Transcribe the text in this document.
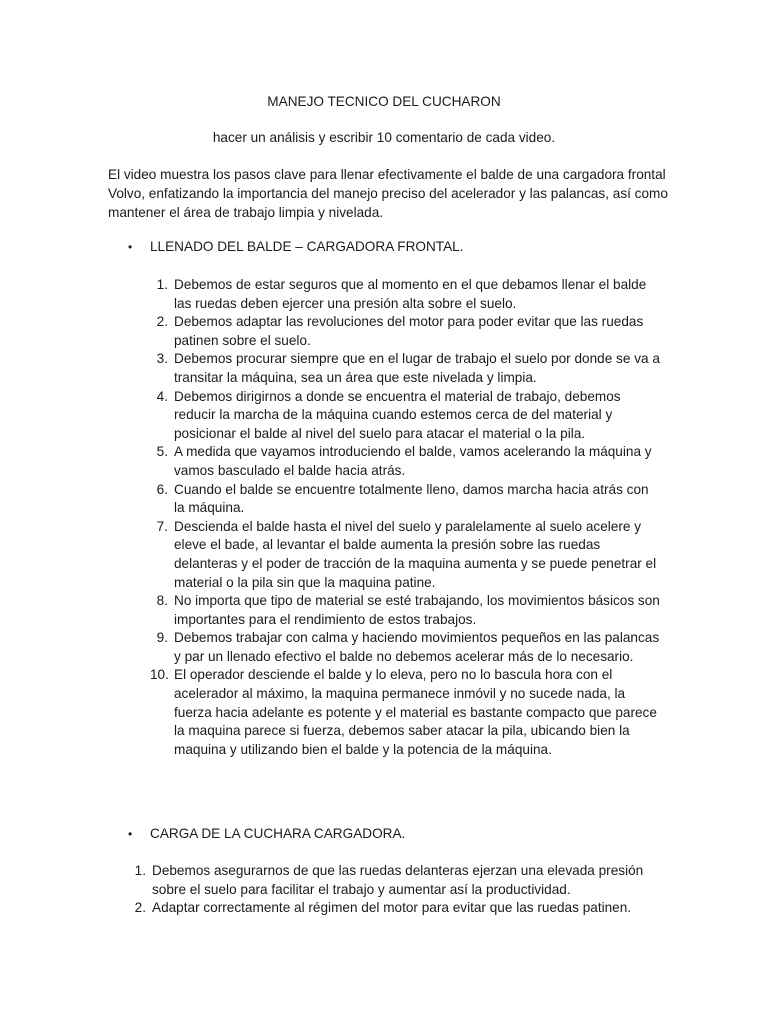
MANEJO TECNICO DEL CUCHARON
hacer un análisis y escribir 10 comentario de cada video.
El video muestra los pasos clave para llenar efectivamente el balde de una cargadora frontal Volvo, enfatizando la importancia del manejo preciso del acelerador y las palancas, así como mantener el área de trabajo limpia y nivelada.
•	LLENADO DEL BALDE – CARGADORA FRONTAL.
1. Debemos de estar seguros que al momento en el que debamos llenar el balde las ruedas deben ejercer una presión alta sobre el suelo.
2. Debemos adaptar las revoluciones del motor para poder evitar que las ruedas patinen sobre el suelo.
3. Debemos procurar siempre que en el lugar de trabajo el suelo por donde se va a transitar la máquina, sea un área que este nivelada y limpia.
4. Debemos dirigirnos a donde se encuentra el material de trabajo, debemos reducir la marcha de la máquina cuando estemos cerca de del material y posicionar el balde al nivel del suelo para atacar el material o la pila.
5. A medida que vayamos introduciendo el balde, vamos acelerando la máquina y vamos basculado el balde hacia atrás.
6. Cuando el balde se encuentre totalmente lleno, damos marcha hacia atrás con la máquina.
7. Descienda el balde hasta el nivel del suelo y paralelamente al suelo acelere y eleve el bade, al levantar el balde aumenta la presión sobre las ruedas delanteras y el poder de tracción de la maquina aumenta y se puede penetrar el material o la pila sin que la maquina patine.
8. No importa que tipo de material se esté trabajando, los movimientos básicos son importantes para el rendimiento de estos trabajos.
9. Debemos trabajar con calma y haciendo movimientos pequeños en las palancas y par un llenado efectivo el balde no debemos acelerar más de lo necesario.
10. El operador desciende el balde y lo eleva, pero no lo bascula hora con el acelerador al máximo, la maquina permanece inmóvil y no sucede nada, la fuerza hacia adelante es potente y el material es bastante compacto que parece la maquina parece si fuerza, debemos saber atacar la pila, ubicando bien la maquina y utilizando bien el balde y la potencia de la máquina.
•	CARGA DE LA CUCHARA CARGADORA.
1. Debemos asegurarnos de que las ruedas delanteras ejerzan una elevada presión sobre el suelo para facilitar el trabajo y aumentar así la productividad.
2. Adaptar correctamente al régimen del motor para evitar que las ruedas patinen.
